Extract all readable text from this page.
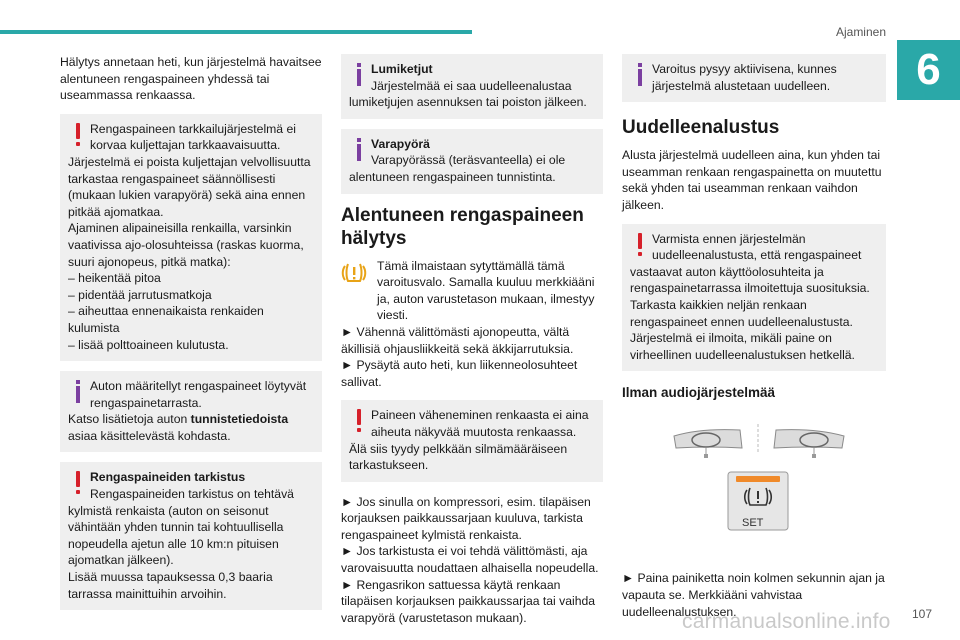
Ajaminen
6

Hälytys annetaan heti, kun järjestelmä havaitsee alentuneen rengaspaineen yhdessä tai useammassa renkaassa.

Rengaspaineen tarkkailujärjestelmä ei korvaa kuljettajan tarkkaavaisuutta.
Järjestelmä ei poista kuljettajan velvollisuutta tarkastaa rengaspaineet säännöllisesti (mukaan lukien varapyörä) sekä aina ennen pitkää ajomatkaa.
Ajaminen alipaineisilla renkailla, varsinkin vaativissa ajo-olosuhteissa (raskas kuorma, suuri ajonopeus, pitkä matka):
– heikentää pitoa
– pidentää jarrutusmatkoja
– aiheuttaa ennenaikaista renkaiden kulumista
– lisää polttoaineen kulutusta.
Auton määritellyt rengaspaineet löytyvät rengaspainetarrasta.
Katso lisätietoja auton tunnistetiedoista asiaa käsittelevästä kohdasta.
Rengaspaineiden tarkistus
Rengaspaineiden tarkistus on tehtävä kylmistä renkaista (auton on seisonut vähintään yhden tunnin tai kohtuullisella nopeudella ajetun alle 10 km:n pituisen ajomatkan jälkeen).
Lisää muussa tapauksessa 0,3 baaria tarrassa mainittuihin arvoihin.
Lumiketjut
Järjestelmää ei saa uudelleenalustaa lumiketjujen asennuksen tai poiston jälkeen.
Varapyörä
Varapyörässä (teräsvanteella) ei ole alentuneen rengaspaineen tunnistinta.
Alentuneen rengaspaineen hälytys
Tämä ilmaistaan sytyttämällä tämä varoitusvalo. Samalla kuuluu merkkiääni ja, auton varustetason mukaan, ilmestyy viesti.

► Vähennä välittömästi ajonopeutta, vältä äkillisiä ohjausliikkeitä sekä äkkijarrutuksia.

► Pysäytä auto heti, kun liikenneolosuhteet sallivat.

Paineen väheneminen renkaasta ei aina aiheuta näkyvää muutosta renkaassa.
Älä siis tyydy pelkkään silmämääräiseen tarkastukseen.

► Jos sinulla on kompressori, esim. tilapäisen korjauksen paikkaussarjaan kuuluva, tarkista rengaspaineet kylmistä renkaista.
► Jos tarkistusta ei voi tehdä välittömästi, aja varovaisuutta noudattaen alhaisella nopeudella.
► Rengasrikon sattuessa käytä renkaan tilapäisen korjauksen paikkaussarjaa tai vaihda varapyörä (varustetason mukaan).

Varoitus pysyy aktiivisena, kunnes järjestelmä alustetaan uudelleen.
Uudelleenalustus

Alusta järjestelmä uudelleen aina, kun yhden tai useamman renkaan rengaspainetta on muutettu sekä yhden tai useamman renkaan vaihdon jälkeen.

Varmista ennen järjestelmän uudelleenalustusta, että rengaspaineet vastaavat auton käyttöolosuhteita ja rengaspainetarrassa ilmoitettuja suosituksia.
Tarkasta kaikkien neljän renkaan rengaspaineet ennen uudelleenalustusta.
Järjestelmä ei ilmoita, mikäli paine on virheellinen uudelleenalustuksen hetkellä.
Ilman audiojärjestelmää
SET

► Paina painiketta noin kolmen sekunnin ajan ja vapauta se. Merkkiääni vahvistaa uudelleenalustuksen.

carmanualsonline.info 107
